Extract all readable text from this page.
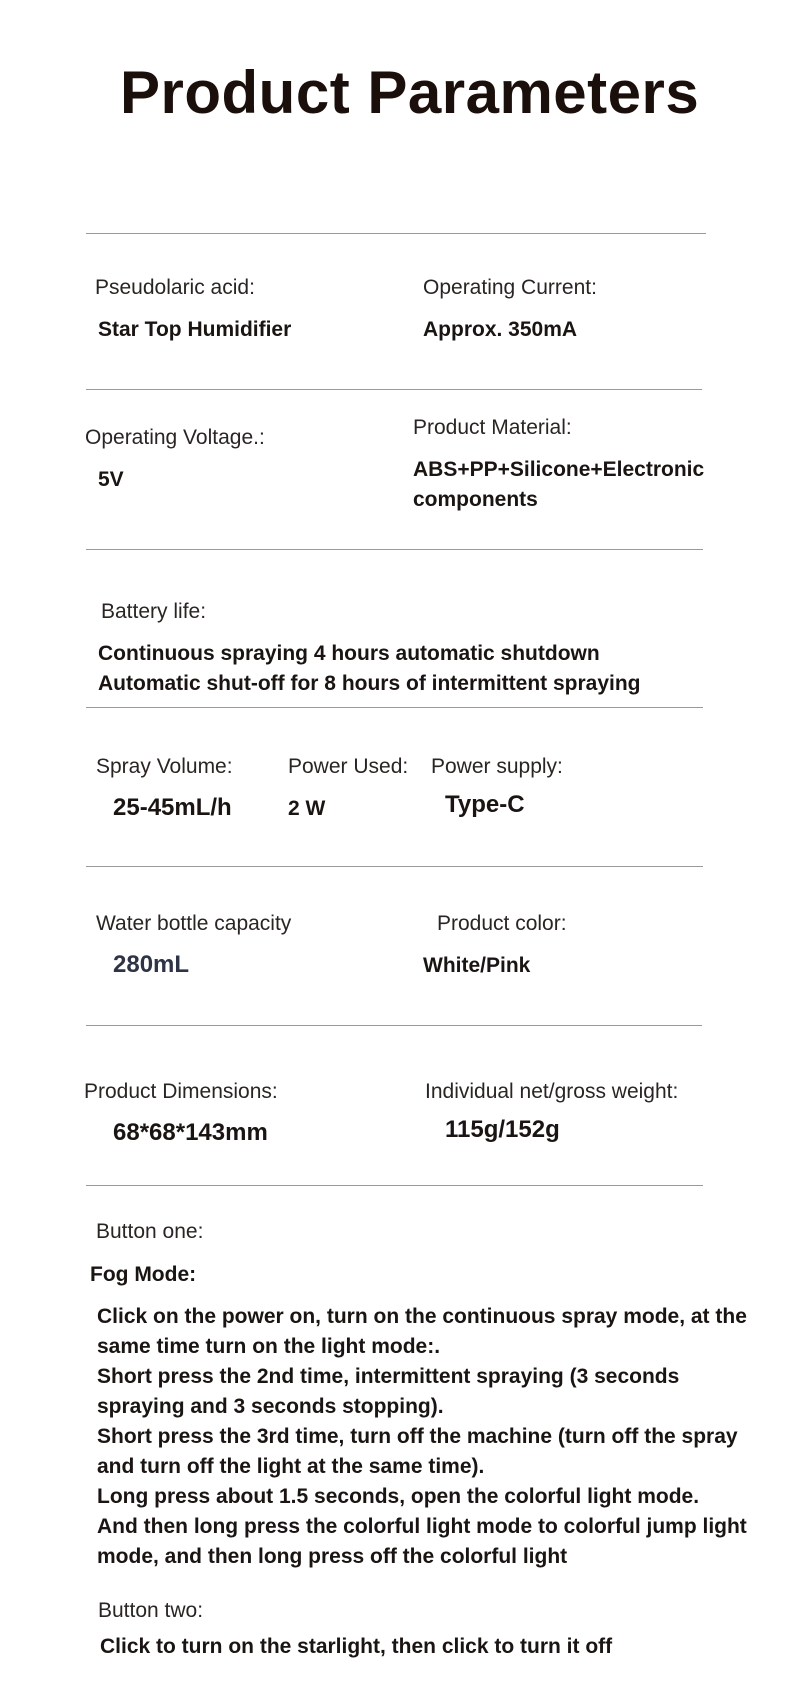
Product Parameters
Pseudolaric acid:
Star Top Humidifier
Operating Current:
Approx. 350mA
Operating Voltage.:
5V
Product Material:
ABS+PP+Silicone+Electronic
components
Battery life:
Continuous spraying 4 hours automatic shutdown
Automatic shut-off for 8 hours of intermittent spraying
Spray Volume:
25-45mL/h
Power Used:
2 W
Power supply:
Type-C
Water bottle capacity
280mL
Product color:
White/Pink
Product Dimensions:
68*68*143mm
Individual net/gross weight:
115g/152g
Button one:
Fog Mode:
Click on the power on, turn on the continuous spray mode, at the
same time turn on the light mode:.
Short press the 2nd time, intermittent spraying (3 seconds
spraying and 3 seconds stopping).
Short press the 3rd time, turn off the machine (turn off the spray
and turn off the light at the same time).
Long press about 1.5 seconds, open the colorful light mode.
And then long press the colorful light mode to colorful jump light
mode, and then long press off the colorful light
Button two:
Click to turn on the starlight, then click to turn it off
